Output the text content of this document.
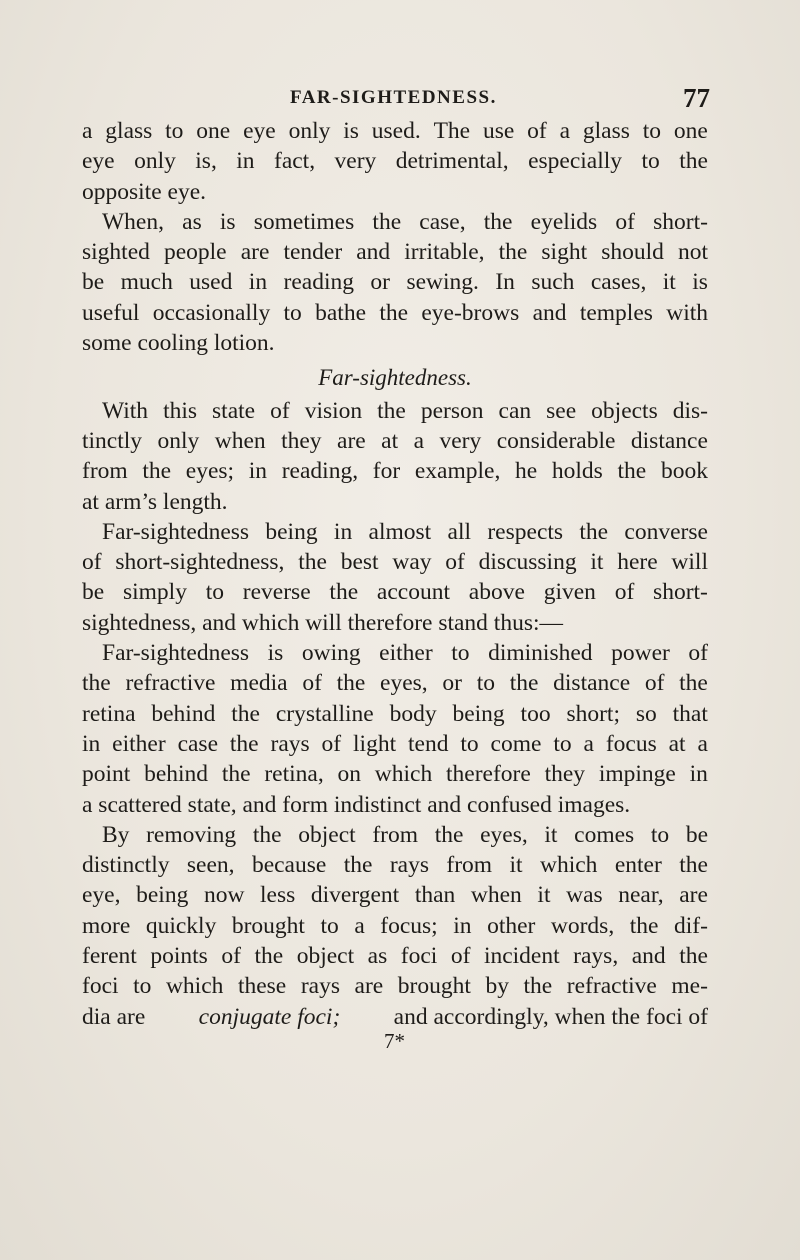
FAR-SIGHTEDNESS.	77
a glass to one eye only is used. The use of a glass to one
eye only is, in fact, very detrimental, especially to the
opposite eye.
When, as is sometimes the case, the eyelids of short-
sighted people are tender and irritable, the sight should not
be much used in reading or sewing. In such cases, it is
useful occasionally to bathe the eye-brows and temples with
some cooling lotion.
Far-sightedness.
With this state of vision the person can see objects dis-
tinctly only when they are at a very considerable distance
from the eyes; in reading, for example, he holds the book
at arm’s length.
Far-sightedness being in almost all respects the converse
of short-sightedness, the best way of discussing it here will
be simply to reverse the account above given of short-
sightedness, and which will therefore stand thus:—
Far-sightedness is owing either to diminished power of
the refractive media of the eyes, or to the distance of the
retina behind the crystalline body being too short; so that
in either case the rays of light tend to come to a focus at a
point behind the retina, on which therefore they impinge in
a scattered state, and form indistinct and confused images.
By removing the object from the eyes, it comes to be
distinctly seen, because the rays from it which enter the
eye, being now less divergent than when it was near, are
more quickly brought to a focus; in other words, the dif-
ferent points of the object as foci of incident rays, and the
foci to which these rays are brought by the refractive me-
dia are conjugate foci; and accordingly, when the foci of
7*
